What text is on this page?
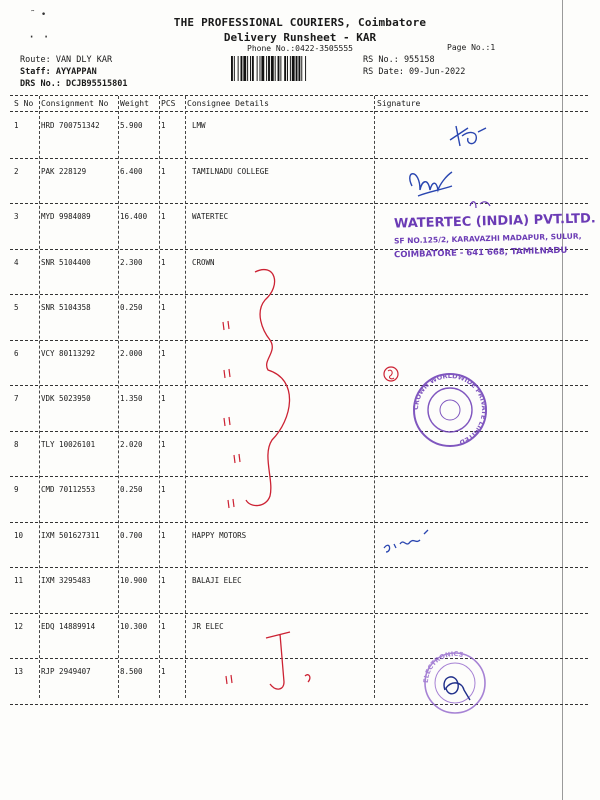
˜ •
· ·
THE PROFESSIONAL COURIERS, Coimbatore
Delivery Runsheet - KAR
Phone No.:0422-3505555	Page No.:1
Route: VAN DLY KAR
Staff: AYYAPPAN
DRS No.: DCJB95515801
RS No.: 955158
RS Date: 09-Jun-2022
S No Consignment No Weight PCS Consignee Details	Signature
1	HRD 700751342	5.900 1	LMW
2	PAK 228129	6.400 1	TAMILNADU COLLEGE
3	MYD 9984089	16.400 1	WATERTEC
4	SNR 5104400	2.300 1	CROWN
5	SNR 5104358	0.250 1
6	VCY 80113292	2.000 1
7	VDK 5023950	1.350 1
8	TLY 10026101	2.020 1
9	CMD 70112553	0.250 1
10 IXM 501627311	0.700 1	HAPPY MOTORS
11 IXM 3295483	10.900 1	BALAJI ELEC
12 EDQ 14889914	10.300 1	JR ELEC
13 RJP 2949407	8.500 1
CROWN WORLDWIDE PRIVATE LIMITED
ELECTRONICS
WATERTEC (INDIA) PVT.LTD.
SF NO.125/2, KARAVAZHI MADAPUR, SULUR,
COIMBATORE - 641 668, TAMILNADU
